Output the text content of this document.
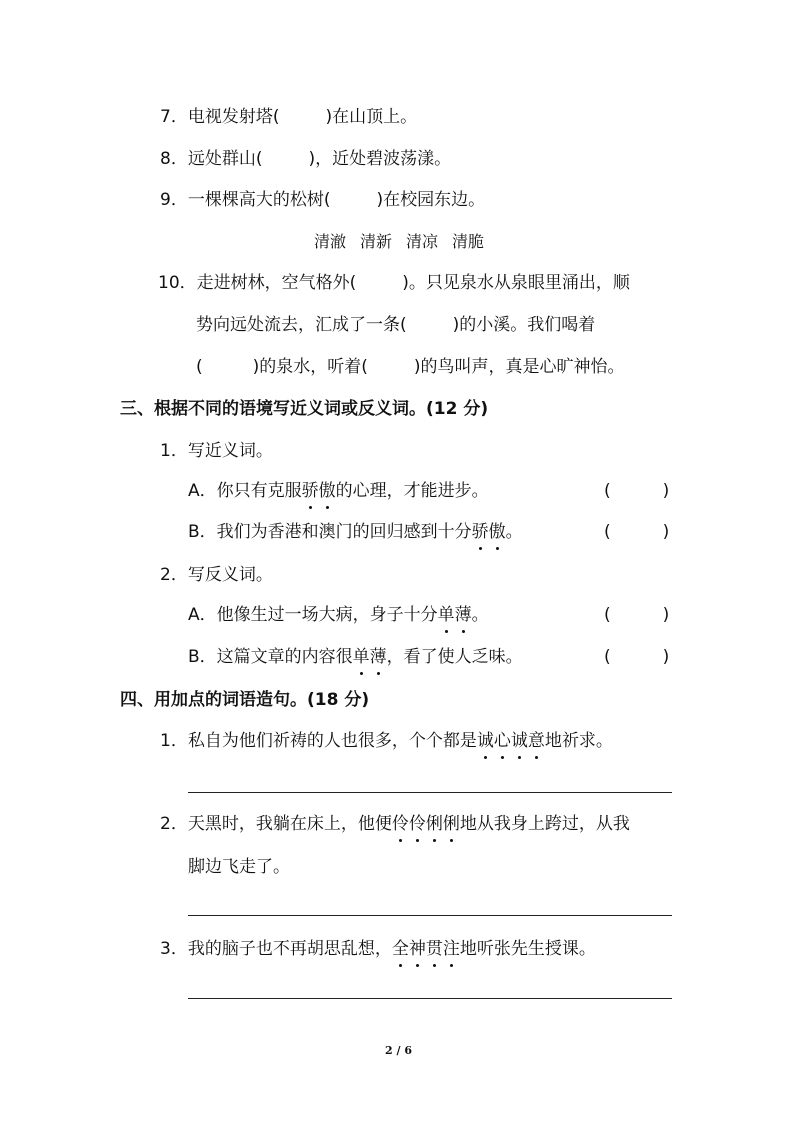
7．电视发射塔(	)在山顶上。
8．远处群山(	)，近处碧波荡漾。
9．一棵棵高大的松树(	)在校园东边。
清澈 清新 清凉 清脆
10．走进树林，空气格外(	)。只见泉水从泉眼里涌出，顺
势向远处流去，汇成了一条(	)的小溪。我们喝着
(	)的泉水，听着(	)的鸟叫声，真是心旷神怡。
三、根据不同的语境写近义词或反义词。(12 分)
1．写近义词。
A．你只有克服骄傲的心理，才能进步。	(	)
B．我们为香港和澳门的回归感到十分骄傲。	(	)
2．写反义词。
A．他像生过一场大病，身子十分单薄。	(	)
B．这篇文章的内容很单薄，看了使人乏味。	(	)
四、用加点的词语造句。(18 分)
1．私自为他们祈祷的人也很多，个个都是诚心诚意地祈求。
2．天黑时，我躺在床上，他便伶伶俐俐地从我身上跨过，从我
脚边飞走了。
3．我的脑子也不再胡思乱想，全神贯注地听张先生授课。
2 / 6
